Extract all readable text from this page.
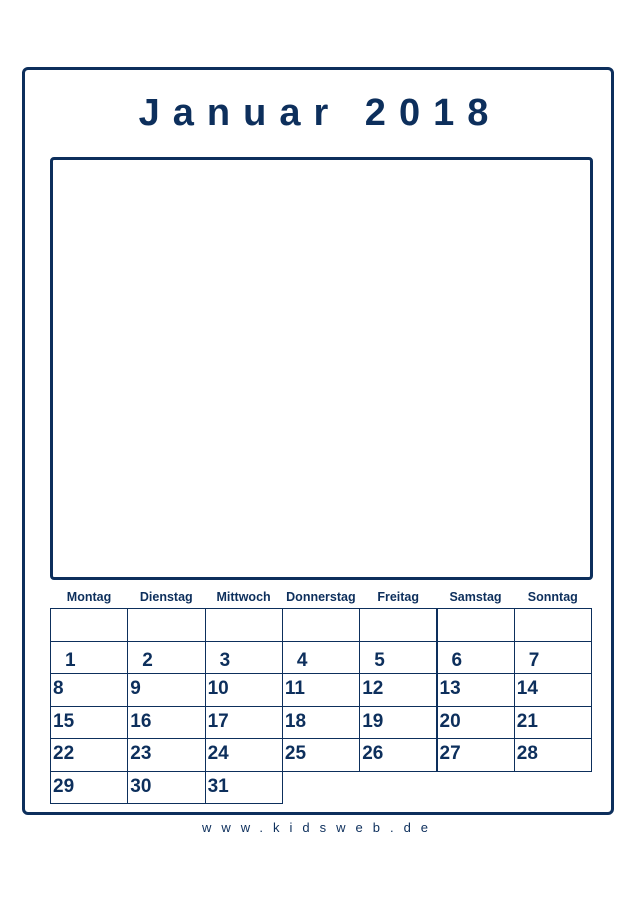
Januar 2018
Montag	Dienstag	Mittwoch	Donnerstag	Freitag	Samstag	Sonntag
1	2	3	4	5	6	7
8	9	10	11	12	13	14
15	16	17	18	19	20	21
22	23	24	25	26	27	28
29	30	31
www.kidsweb.de
